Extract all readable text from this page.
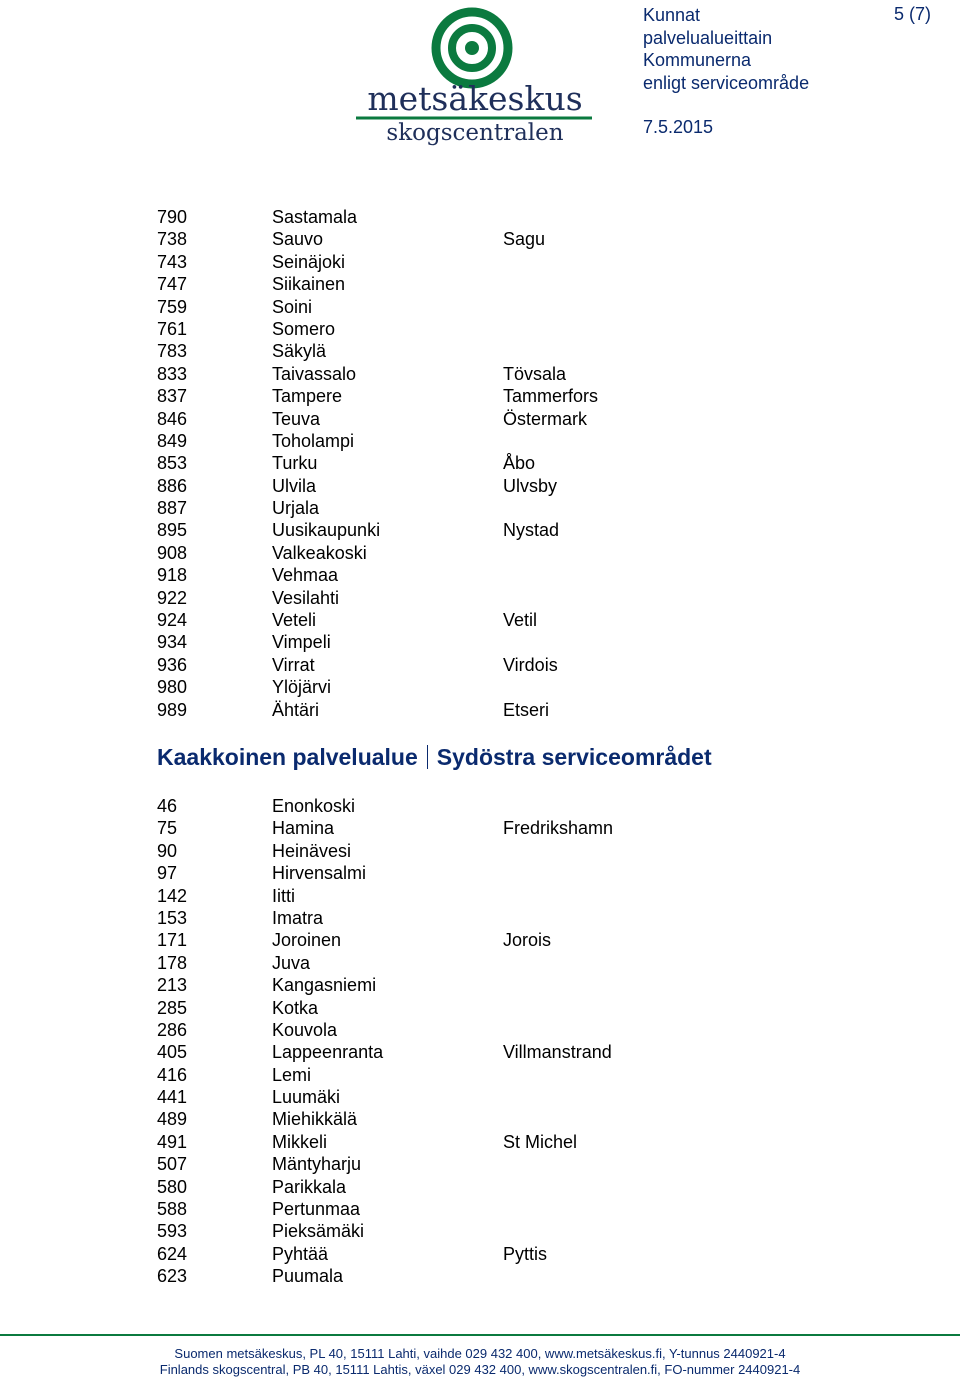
metsäkeskus
skogscentralen
Kunnat
palvelualueittain
Kommunerna
enligt serviceområde
7.5.2015
5 (7)
790	Sastamala
738	Sauvo	Sagu
743	Seinäjoki
747	Siikainen
759	Soini
761	Somero
783	Säkylä
833	Taivassalo	Tövsala
837	Tampere	Tammerfors
846	Teuva	Östermark
849	Toholampi
853	Turku	Åbo
886	Ulvila	Ulvsby
887	Urjala
895	Uusikaupunki	Nystad
908	Valkeakoski
918	Vehmaa
922	Vesilahti
924	Veteli	Vetil
934	Vimpeli
936	Virrat	Virdois
980	Ylöjärvi
989	Ähtäri	Etseri
Kaakkoinen palvelualue Sydöstra serviceområdet
46	Enonkoski
75	Hamina	Fredrikshamn
90	Heinävesi
97	Hirvensalmi
142	Iitti
153	Imatra
171	Joroinen	Jorois
178	Juva
213	Kangasniemi
285	Kotka
286	Kouvola
405	Lappeenranta	Villmanstrand
416	Lemi
441	Luumäki
489	Miehikkälä
491	Mikkeli	St Michel
507	Mäntyharju
580	Parikkala
588	Pertunmaa
593	Pieksämäki
624	Pyhtää	Pyttis
623	Puumala
Suomen metsäkeskus, PL 40, 15111 Lahti, vaihde 029 432 400, www.metsäkeskus.fi, Y-tunnus 2440921-4
Finlands skogscentral, PB 40, 15111 Lahtis, växel 029 432 400, www.skogscentralen.fi, FO-nummer 2440921-4
